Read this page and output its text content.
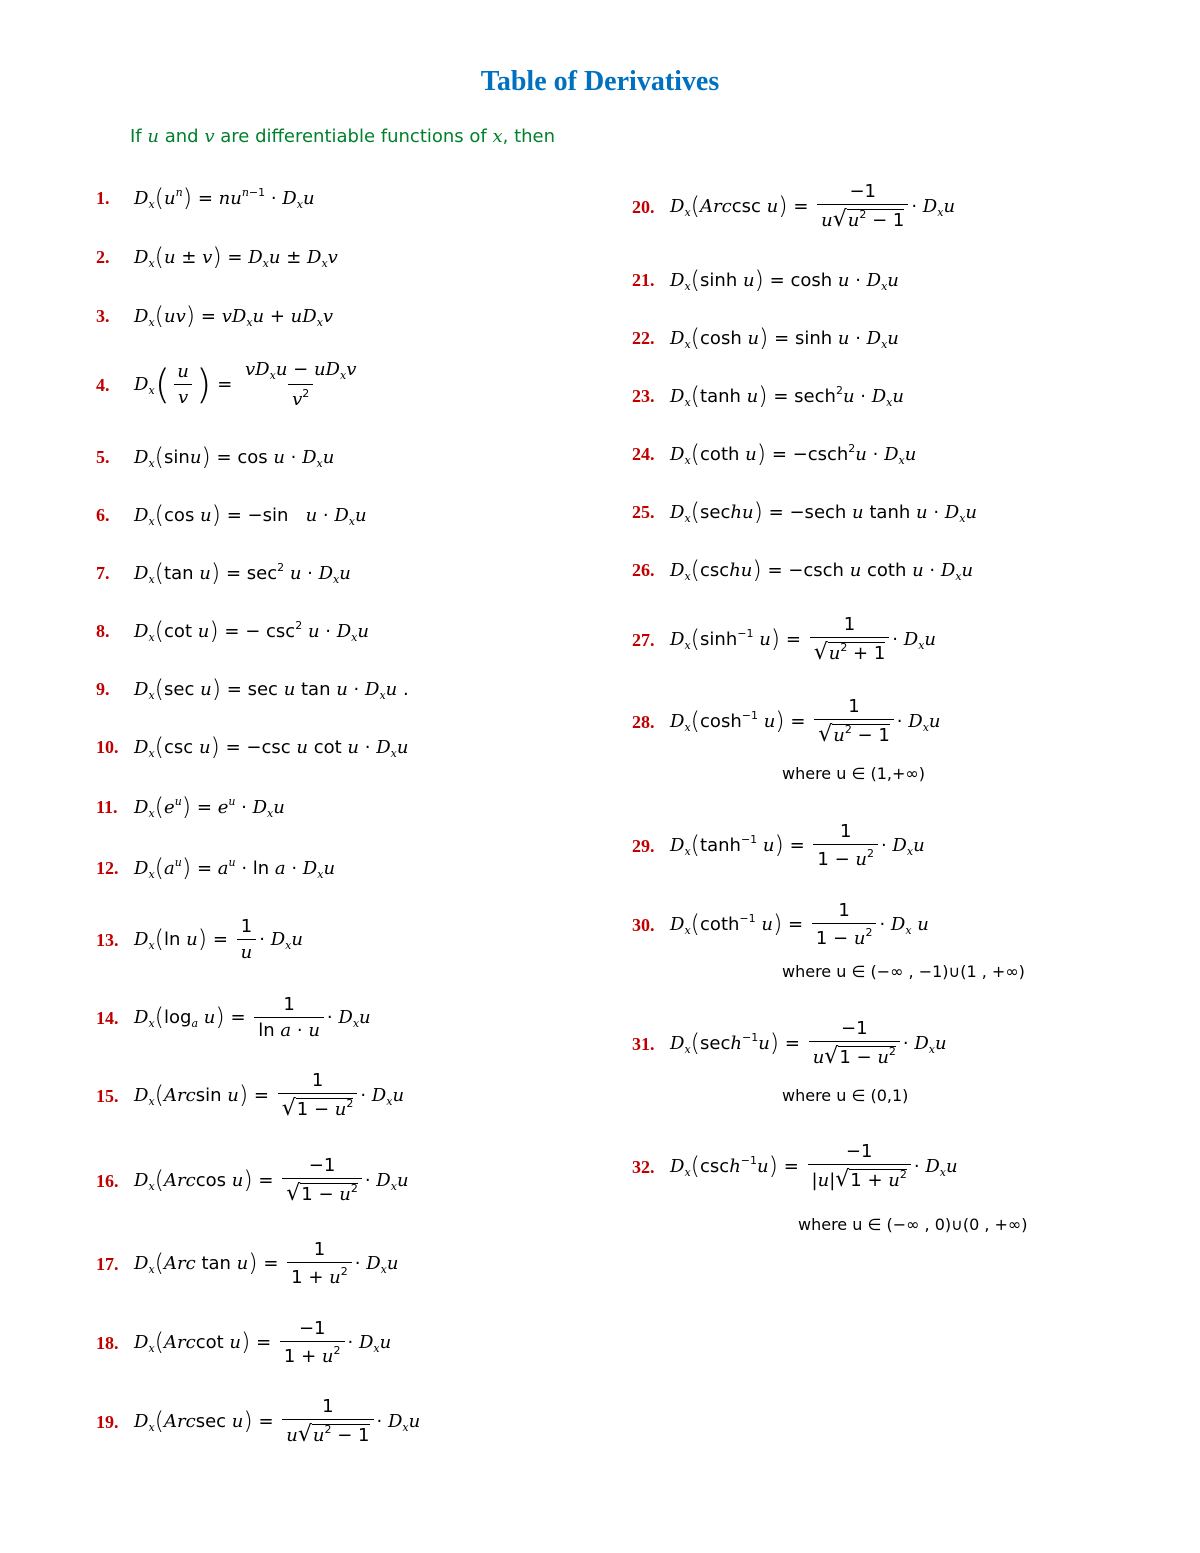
Table of Derivatives
If u and v are differentiable functions of x, then
1.	$D_x(u^n) = nu^{n-1} \cdot D_xu$
2.	$D_x(u \pm v) = D_xu \pm D_xv$
3.	$D_x(uv) = vD_xu + uD_xv$
4.	$D_x( \frac{u}{v}$ ) = $\frac{vD_xu - uD_xv}{v^2}$
5.	$D_x(\sin u) = \cos u \cdot D_xu$
6.	$D_x(\cos$ u) = −sin   $u \cdot D_xu$
7.	$D_x(\tan$ $u) = \sec^2 u \cdot D_xu$
8.	$D_x(\cot$ u) = − $\csc^2 u \cdot D_xu$
9.	$D_x(\sec$ u) = sec u $\tan u \cdot D_xu$ .
10. $D_x(\csc$ u) = −csc u $\cot u \cdot D_xu$
11. $D_x(e^u) = e^u \cdot D_xu$
12. $D_x(a^u) = a^u \cdot \ln a \cdot D_xu$
13. $D_x(\ln$ $u) = \frac{1}{u} \cdot D_xu$
14. $D_x(\log_a$ $u) = \frac{1}{\text{ln a · u}} \cdot D_xu$
15. $D_x(Arcsin$ $u) = \frac{1}{√1 - u^2} \cdot D_xu$
16. $D_x(Arccos$ $u) = \frac{-1}{√1 - u^2} \cdot D_xu$
17. $D_x(Arc$ $\tan u) = \frac{1}{1 + u^2} \cdot D_xu$
18. $D_x(Arccot$ $u) = \frac{-1}{1 + u^2} \cdot D_xu$
19. $D_x(Arcsec$ $u) = \frac{1}{u√u^2 - 1} \cdot D_xu$
20. $D_x(Arccsc$ $u) = \frac{-1}{u√u^2 - 1} \cdot D_xu$
21. $D_x(\sinh$ $u) = \cosh u \cdot D_xu$
22. $D_x(\cosh$ $u) = \sinh u \cdot D_xu$
23. $D_x(\tanh$ $u) = \sec h^2u \cdot D_xu$
24. $D_x(\cot h$ $u) = -\csc h^2u \cdot D_xu$
25. $D_x(sechu) = -\sec h$ u $\tanh u \cdot D_xu$
26. $D_x(cschu) = -\csc h$ u coth $u \cdot D_xu$
27. $D_x(\sinh^{-1}$ $u) = \frac{1}{√u^2 + 1} \cdot D_xu$
28. $D_x(\cosh^{-1}$ $u) = \frac{1}{√u^2 - 1} \cdot D_xu$
where u ∈ (1,+∞)
29. $D_x(\tanh^{-1}$ $u) = \frac{1}{1 - u^2} \cdot D_xu$
30. $D_x(\cot h^{-1}$ $u) = \frac{1}{1 - u^2} \cdot D_x$ u
where u ∈ (−∞ , −1)∪(1 , +∞)
31. $D_x(\sec h^{-1}u) = \frac{-1}{u√1 - u^2} \cdot D_xu$
where u ∈ (0,1)
32. $D_x(\csc h^{-1}u) = \frac{-1}{|u|√1 + u^2} \cdot D_xu$
where u ∈ (−∞ , 0)∪(0 , +∞)
